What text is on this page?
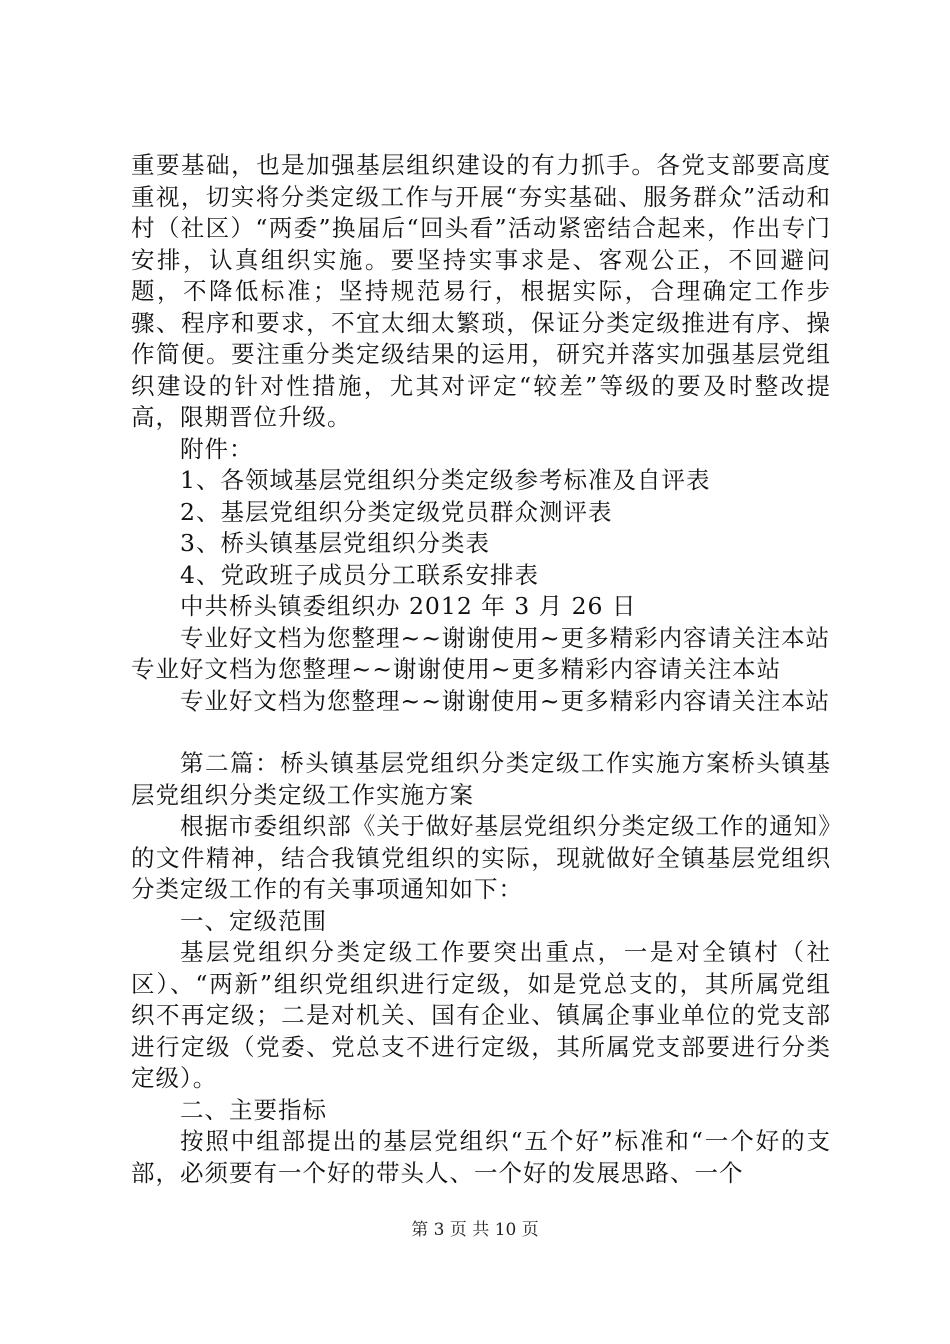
重要基础，也是加强基层组织建设的有力抓手。各党支部要高度重视，切实将分类定级工作与开展“夯实基础、服务群众”活动和村（社区）“两委”换届后“回头看”活动紧密结合起来，作出专门安排，认真组织实施。要坚持实事求是、客观公正，不回避问题，不降低标准；坚持规范易行，根据实际，合理确定工作步骤、程序和要求，不宜太细太繁琐，保证分类定级推进有序、操作简便。要注重分类定级结果的运用，研究并落实加强基层党组织建设的针对性措施，尤其对评定“较差”等级的要及时整改提高，限期晋位升级。

附件：

1、各领域基层党组织分类定级参考标准及自评表

2、基层党组织分类定级党员群众测评表

3、桥头镇基层党组织分类表

4、党政班子成员分工联系安排表

中共桥头镇委组织办 2012 年 3 月 26 日

专业好文档为您整理~~谢谢使用~更多精彩内容请关注本站

专业好文档为您整理~~谢谢使用~更多精彩内容请关注本站

专业好文档为您整理~~谢谢使用~更多精彩内容请关注本站

第二篇：桥头镇基层党组织分类定级工作实施方案桥头镇基层党组织分类定级工作实施方案

根据市委组织部《关于做好基层党组织分类定级工作的通知》的文件精神，结合我镇党组织的实际，现就做好全镇基层党组织分类定级工作的有关事项通知如下：

一、定级范围

基层党组织分类定级工作要突出重点，一是对全镇村（社区）、“两新”组织党组织进行定级，如是党总支的，其所属党组织不再定级；二是对机关、国有企业、镇属企事业单位的党支部进行定级（党委、党总支不进行定级，其所属党支部要进行分类定级）。

二、主要指标

按照中组部提出的基层党组织“五个好”标准和“一个好的支部，必须要有一个好的带头人、一个好的发展思路、一个

第 3 页 共 10 页
